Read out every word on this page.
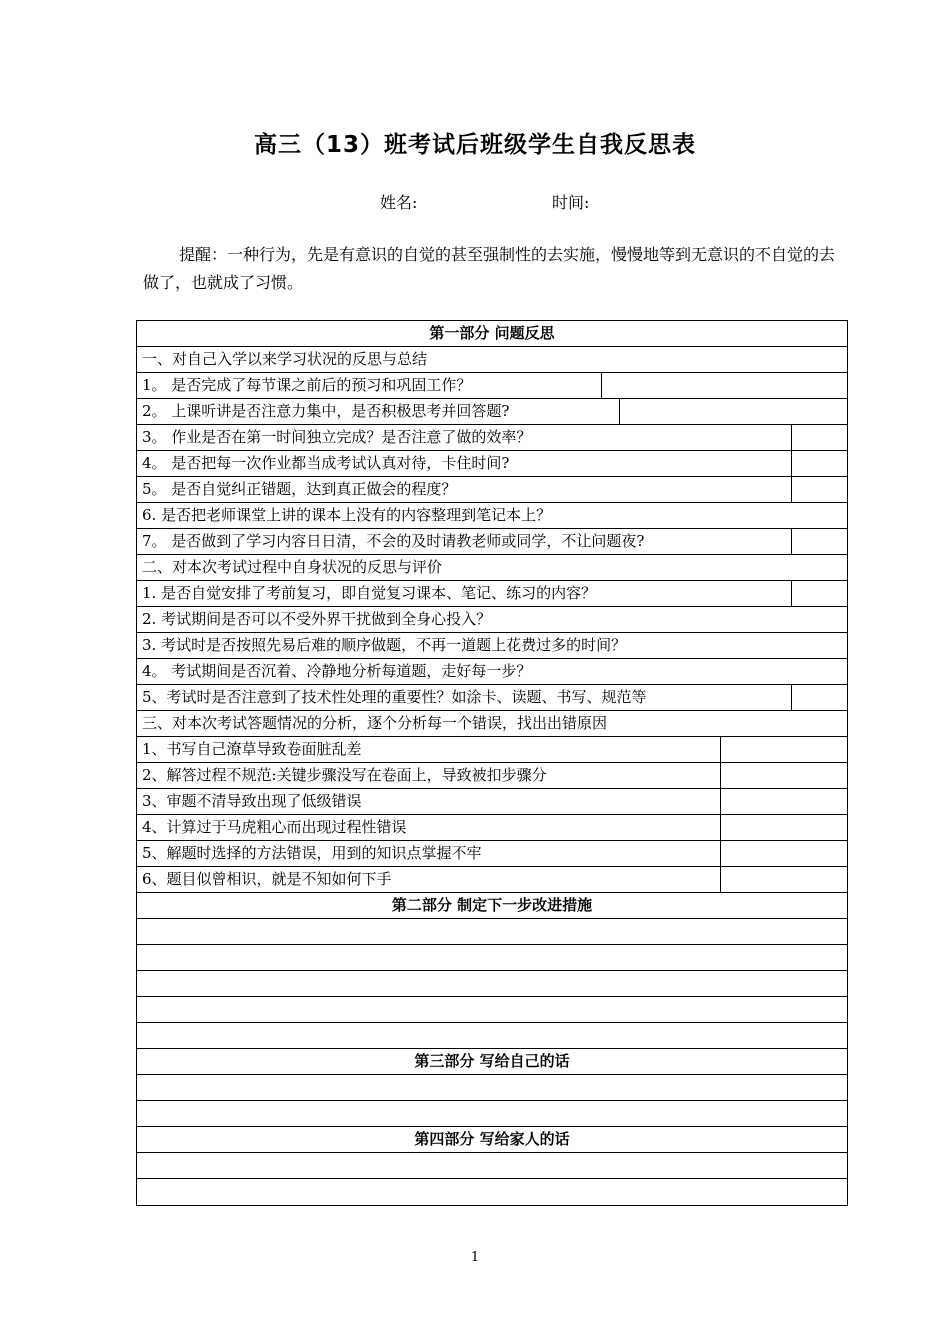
高三（13）班考试后班级学生自我反思表
姓名:	时间:
提醒：一种行为，先是有意识的自觉的甚至强制性的去实施，慢慢地等到无意识的不自觉的去做了，也就成了习惯。
第一部分 问题反思
一、对自己入学以来学习状况的反思与总结
1。 是否完成了每节课之前后的预习和巩固工作？
2。 上课听讲是否注意力集中，是否积极思考并回答题?
3。 作业是否在第一时间独立完成？是否注意了做的效率？
4。 是否把每一次作业都当成考试认真对待，卡住时间?
5。 是否自觉纠正错题，达到真正做会的程度？
6. 是否把老师课堂上讲的课本上没有的内容整理到笔记本上？
7。 是否做到了学习内容日日清，不会的及时请教老师或同学，不让问题夜?
二、对本次考试过程中自身状况的反思与评价
1. 是否自觉安排了考前复习，即自觉复习课本、笔记、练习的内容？
2. 考试期间是否可以不受外界干扰做到全身心投入？
3. 考试时是否按照先易后难的顺序做题，不再一道题上花费过多的时间？
4。 考试期间是否沉着、冷静地分析每道题，走好每一步？
5、考试时是否注意到了技术性处理的重要性？如涂卡、读题、书写、规范等
三、对本次考试答题情况的分析，逐个分析每一个错误，找出出错原因
1、书写自己潦草导致卷面脏乱差
2、解答过程不规范:关键步骤没写在卷面上，导致被扣步骤分
3、审题不清导致出现了低级错误
4、计算过于马虎粗心而出现过程性错误
5、解题时选择的方法错误，用到的知识点掌握不牢
6、题目似曾相识，就是不知如何下手
第二部分 制定下一步改进措施
第三部分 写给自己的话
第四部分 写给家人的话
1
